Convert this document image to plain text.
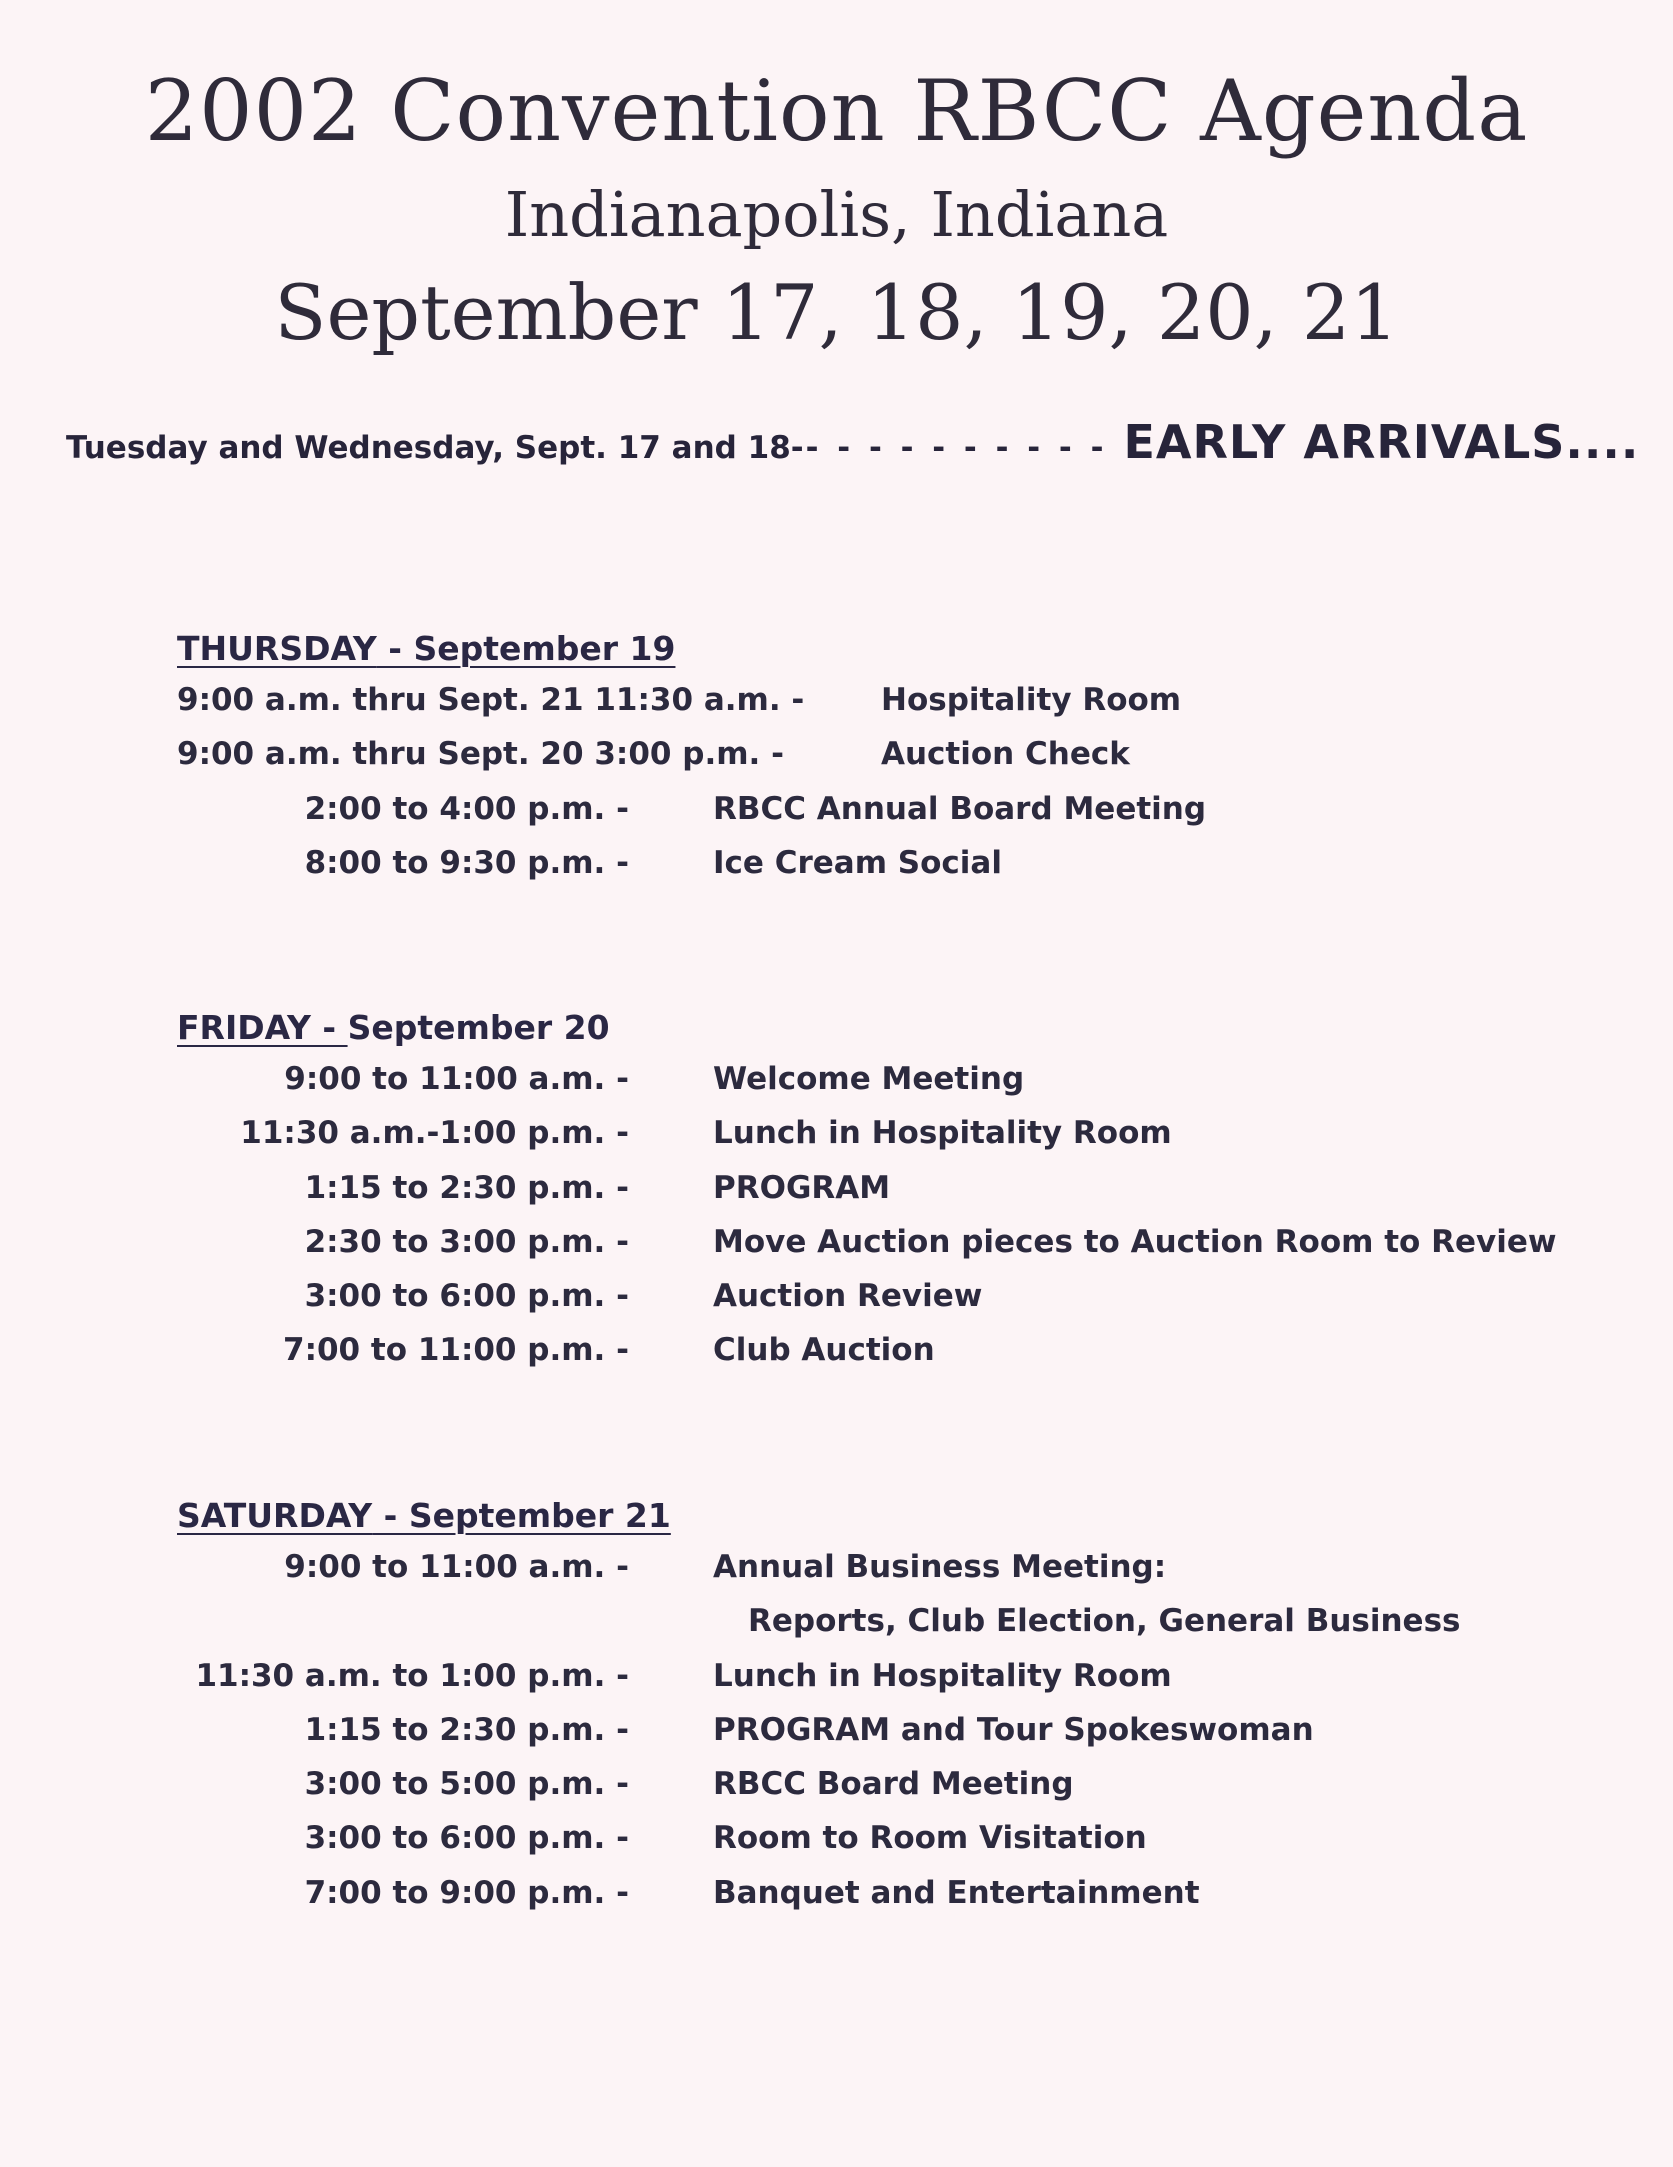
2002 Convention RBCC Agenda
Indianapolis, Indiana
September 17, 18, 19, 20, 21
Tuesday and Wednesday, Sept. 17 and 18-- - - - - - - - - - EARLY ARRIVALS....
THURSDAY - September 19
9:00 a.m. thru Sept. 21 11:30 a.m. - Hospitality Room
9:00 a.m. thru Sept. 20 3:00 p.m. -	Auction Check
2:00 to 4:00 p.m. -	RBCC Annual Board Meeting
8:00 to 9:30 p.m. -	Ice Cream Social
FRIDAY - September 20
9:00 to 11:00 a.m. -	Welcome Meeting
11:30 a.m.-1:00 p.m. -	Lunch in Hospitality Room
1:15 to 2:30 p.m. -	PROGRAM
2:30 to 3:00 p.m. -	Move Auction pieces to Auction Room to Review
3:00 to 6:00 p.m. -	Auction Review
7:00 to 11:00 p.m. -	Club Auction
SATURDAY - September 21
9:00 to 11:00 a.m. -	Annual Business Meeting:
Reports, Club Election, General Business
11:30 a.m. to 1:00 p.m. -	Lunch in Hospitality Room
1:15 to 2:30 p.m. -	PROGRAM and Tour Spokeswoman
3:00 to 5:00 p.m. -	RBCC Board Meeting
3:00 to 6:00 p.m. -	Room to Room Visitation
7:00 to 9:00 p.m. -	Banquet and Entertainment
